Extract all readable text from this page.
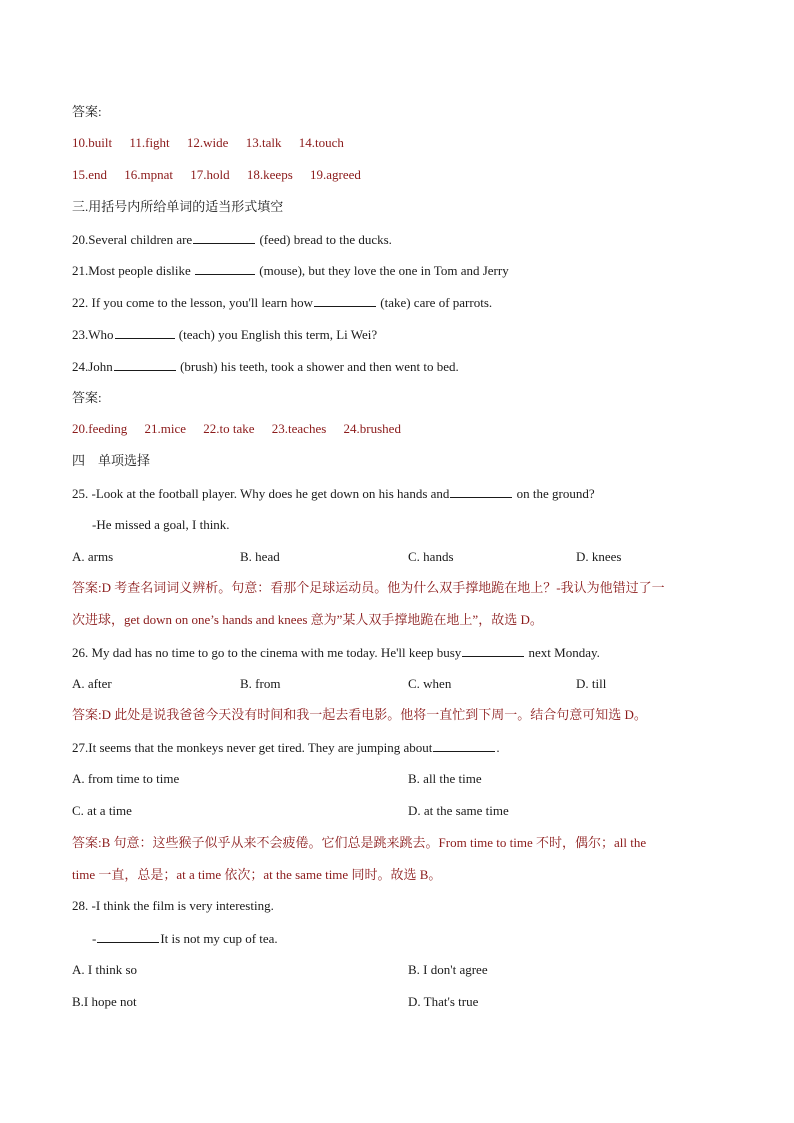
答案:
10.built 11.fight 12.wide 13.talk 14.touch
15.end 16.mpnat 17.hold 18.keeps 19.agreed
三.用括号内所给单词的适当形式填空
20.Several children are	(feed) bread to the ducks.
21.Most people dislike	(mouse), but they love the one in Tom and Jerry
22. If you come to the lesson, you'll learn how	(take) care of parrots.
23.Who	(teach) you English this term, Li Wei?
24.John	(brush) his teeth, took a shower and then went to bed.
答案:
20.feeding 21.mice 22.to take 23.teaches 24.brushed
四    单项选择
25. -Look at the football player. Why does he get down on his hands and	on the ground?
-He missed a goal, I think.
A. arms	B. head	C. hands	D. knees
答案:D 考查名词词义辨析。句意：看那个足球运动员。他为什么双手撑地跪在地上？-我认为他错过了一
次进球，get down on one’s hands and knees 意为”某人双手撑地跪在地上”，故选 D。
26. My dad has no time to go to the cinema with me today. He'll keep busy	next Monday.
A. after	B. from	C. when	D. till
答案:D 此处是说我爸爸今天没有时间和我一起去看电影。他将一直忙到下周一。结合句意可知选 D。
27.It seems that the monkeys never get tired. They are jumping about	.
A. from time to time	B. all the time
C. at a time	D. at the same time
答案:B 句意：这些猴子似乎从来不会疲倦。它们总是跳来跳去。From time to time 不时，偶尔；all the
time 一直，总是；at a time 依次；at the same time 同时。故选 B。
28. -I think the film is very interesting.
-	It is not my cup of tea.
A. I think so	B. I don't agree
B.I hope not	D. That's true
